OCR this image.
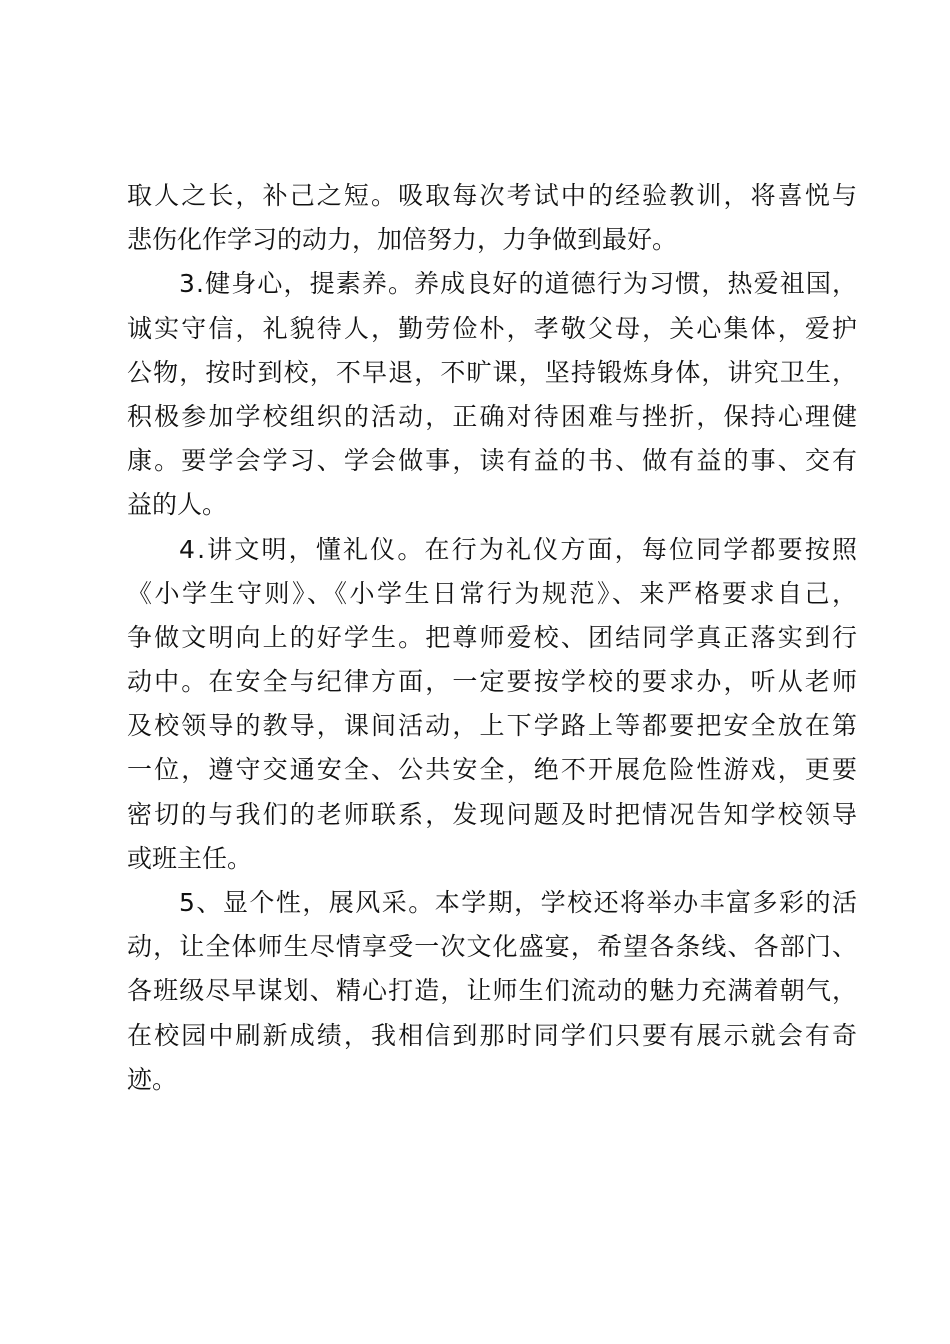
取人之长，补己之短。吸取每次考试中的经验教训，将喜悦与
悲伤化作学习的动力，加倍努力，力争做到最好。
3.健身心，提素养。养成良好的道德行为习惯，热爱祖国，
诚实守信，礼貌待人，勤劳俭朴，孝敬父母，关心集体，爱护
公物，按时到校，不早退，不旷课，坚持锻炼身体，讲究卫生，
积极参加学校组织的活动，正确对待困难与挫折，保持心理健
康。要学会学习、学会做事，读有益的书、做有益的事、交有
益的人。
4.讲文明，懂礼仪。在行为礼仪方面，每位同学都要按照
《小学生守则》、《小学生日常行为规范》、来严格要求自己，
争做文明向上的好学生。把尊师爱校、团结同学真正落实到行
动中。在安全与纪律方面，一定要按学校的要求办，听从老师
及校领导的教导，课间活动，上下学路上等都要把安全放在第
一位，遵守交通安全、公共安全，绝不开展危险性游戏，更要
密切的与我们的老师联系，发现问题及时把情况告知学校领导
或班主任。
5、显个性，展风采。本学期，学校还将举办丰富多彩的活
动，让全体师生尽情享受一次文化盛宴，希望各条线、各部门、
各班级尽早谋划、精心打造，让师生们流动的魅力充满着朝气，
在校园中刷新成绩，我相信到那时同学们只要有展示就会有奇
迹。
